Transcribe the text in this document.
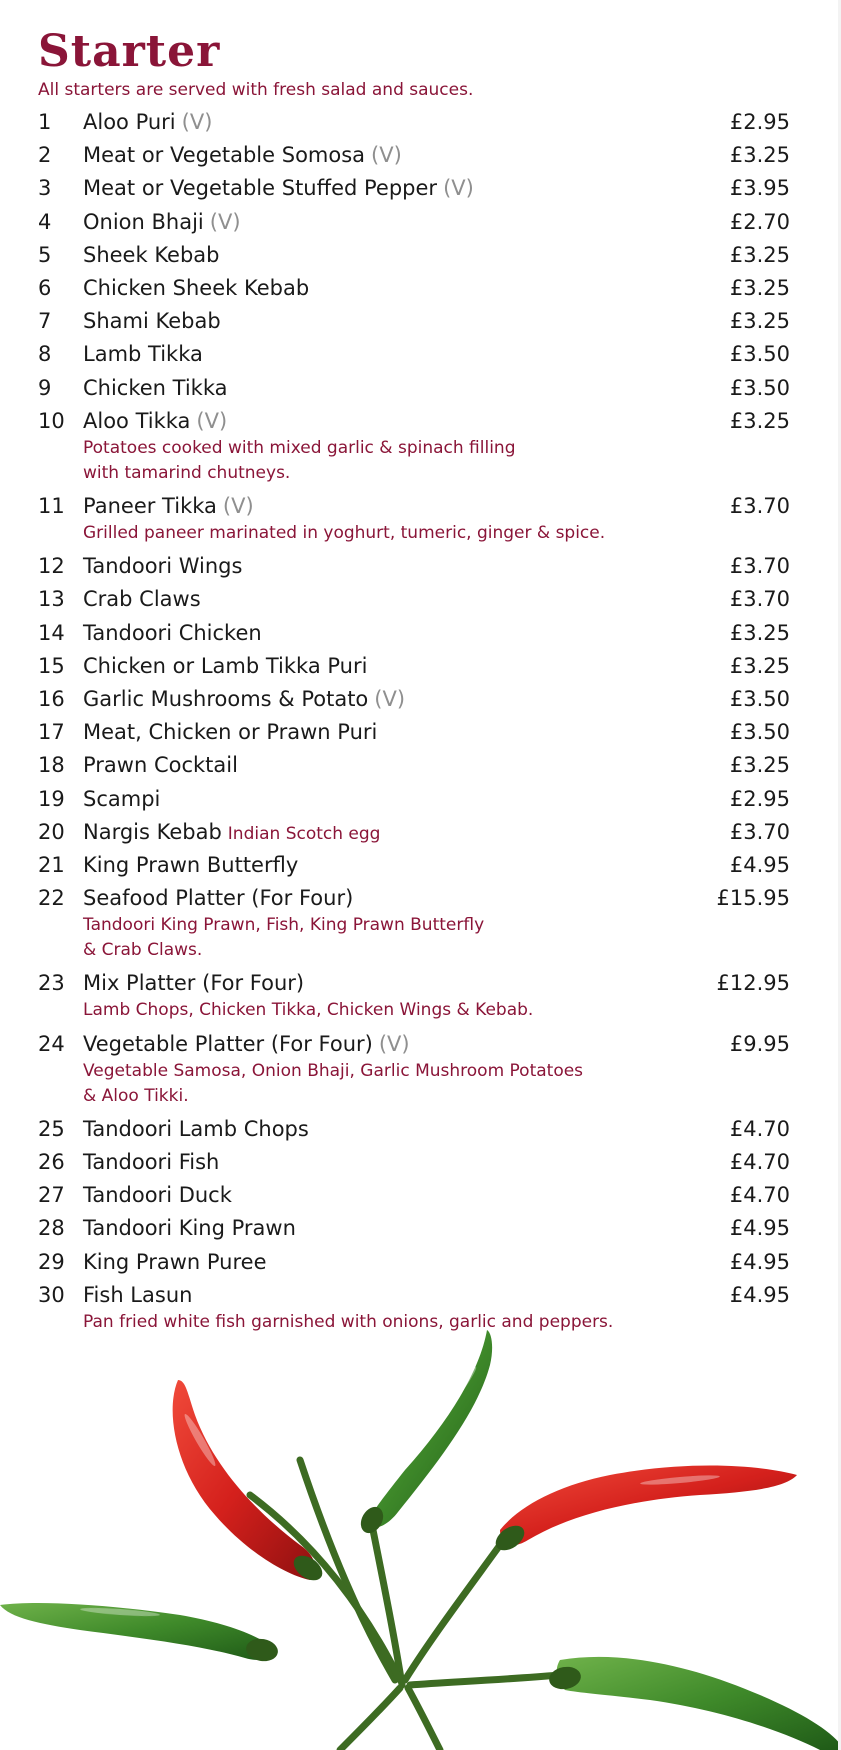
Starter
All starters are served with fresh salad and sauces.
1 Aloo Puri (V)	£2.95
2 Meat or Vegetable Somosa (V)	£3.25
3 Meat or Vegetable Stuffed Pepper (V)	£3.95
4 Onion Bhaji (V)	£2.70
5 Sheek Kebab	£3.25
6 Chicken Sheek Kebab	£3.25
7 Shami Kebab	£3.25
8 Lamb Tikka	£3.50
9 Chicken Tikka	£3.50
10 Aloo Tikka (V)	£3.25
Potatoes cooked with mixed garlic & spinach filling
with tamarind chutneys.
11 Paneer Tikka (V)	£3.70
Grilled paneer marinated in yoghurt, tumeric, ginger & spice.
12 Tandoori Wings	£3.70
13 Crab Claws	£3.70
14 Tandoori Chicken	£3.25
15 Chicken or Lamb Tikka Puri	£3.25
16 Garlic Mushrooms & Potato (V)	£3.50
17 Meat, Chicken or Prawn Puri	£3.50
18 Prawn Cocktail	£3.25
19 Scampi	£2.95
20 Nargis Kebab Indian Scotch egg	£3.70
21 King Prawn Butterfly	£4.95
22 Seafood Platter (For Four)	£15.95
Tandoori King Prawn, Fish, King Prawn Butterfly
& Crab Claws.
23 Mix Platter (For Four)	£12.95
Lamb Chops, Chicken Tikka, Chicken Wings & Kebab.
24 Vegetable Platter (For Four) (V)	£9.95
Vegetable Samosa, Onion Bhaji, Garlic Mushroom Potatoes
& Aloo Tikki.
25 Tandoori Lamb Chops	£4.70
26 Tandoori Fish	£4.70
27 Tandoori Duck	£4.70
28 Tandoori King Prawn	£4.95
29 King Prawn Puree	£4.95
30 Fish Lasun	£4.95
Pan fried white fish garnished with onions, garlic and peppers.
